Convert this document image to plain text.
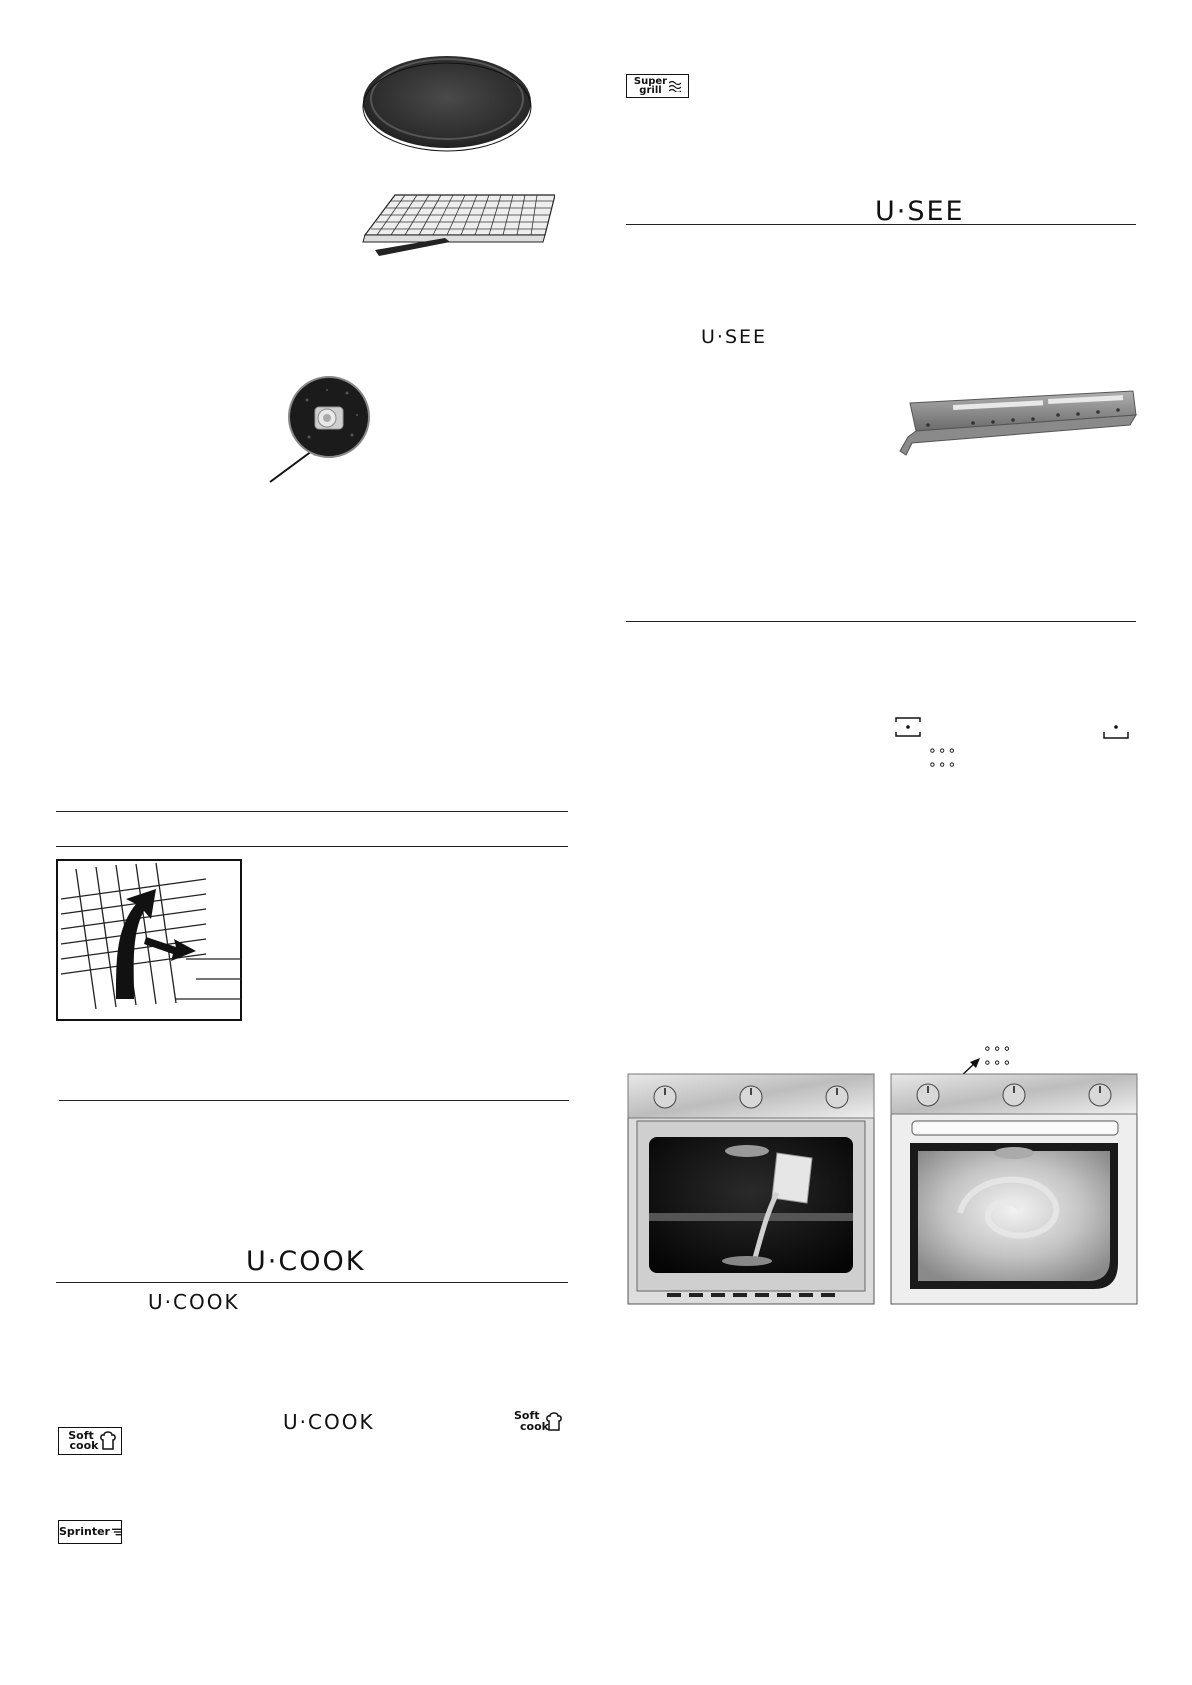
U·COOK
U·COOK
U·COOK	Soft
cook
Soft
cook
Sprinter
Super
grill
U·SEE
U·SEE
∘∘∘
∘∘∘
∘∘∘
∘∘∘
